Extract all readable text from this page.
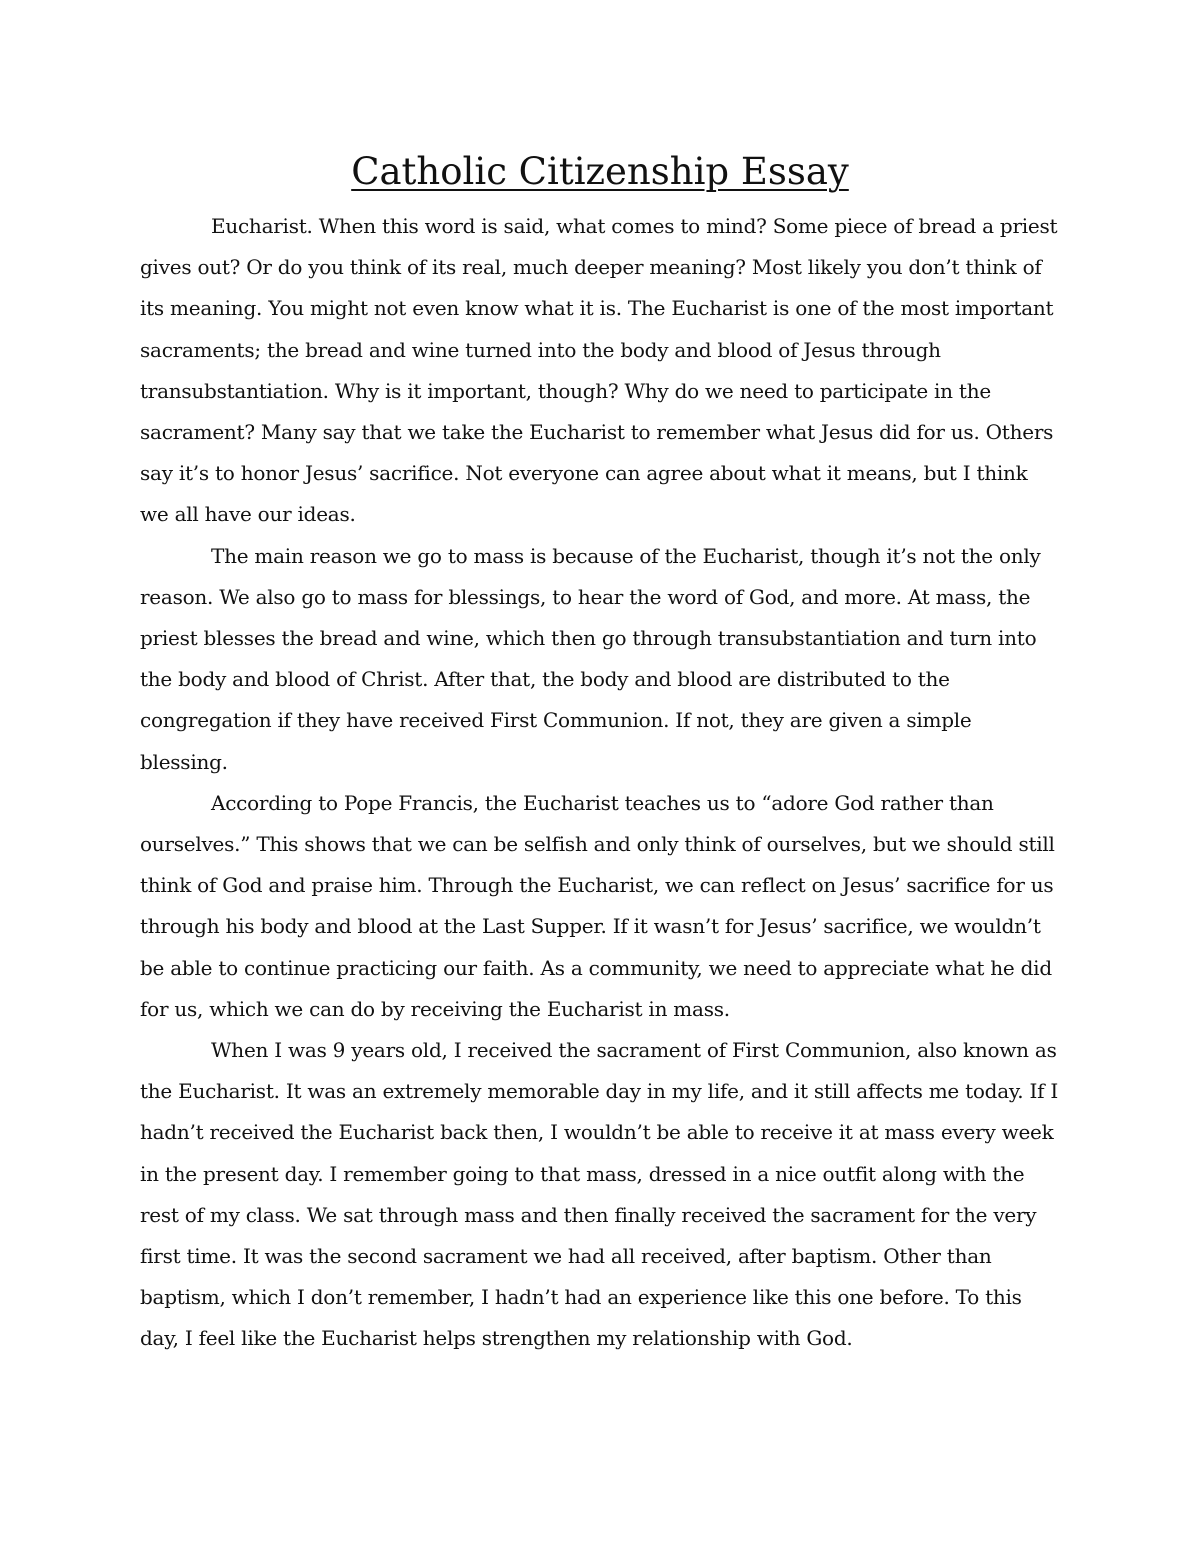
Catholic Citizenship Essay

Eucharist. When this word is said, what comes to mind? Some piece of bread a priest gives out? Or do you think of its real, much deeper meaning? Most likely you don’t think of its meaning. You might not even know what it is. The Eucharist is one of the most important sacraments; the bread and wine turned into the body and blood of Jesus through transubstantiation. Why is it important, though? Why do we need to participate in the sacrament? Many say that we take the Eucharist to remember what Jesus did for us. Others say it’s to honor Jesus’ sacrifice. Not everyone can agree about what it means, but I think we all have our ideas.

The main reason we go to mass is because of the Eucharist, though it’s not the only reason. We also go to mass for blessings, to hear the word of God, and more. At mass, the priest blesses the bread and wine, which then go through transubstantiation and turn into the body and blood of Christ. After that, the body and blood are distributed to the congregation if they have received First Communion. If not, they are given a simple blessing.

According to Pope Francis, the Eucharist teaches us to “adore God rather than ourselves.” This shows that we can be selfish and only think of ourselves, but we should still think of God and praise him. Through the Eucharist, we can reflect on Jesus’ sacrifice for us through his body and blood at the Last Supper. If it wasn’t for Jesus’ sacrifice, we wouldn’t be able to continue practicing our faith. As a community, we need to appreciate what he did for us, which we can do by receiving the Eucharist in mass.

When I was 9 years old, I received the sacrament of First Communion, also known as the Eucharist. It was an extremely memorable day in my life, and it still affects me today. If I hadn’t received the Eucharist back then, I wouldn’t be able to receive it at mass every week in the present day. I remember going to that mass, dressed in a nice outfit along with the rest of my class. We sat through mass and then finally received the sacrament for the very first time. It was the second sacrament we had all received, after baptism. Other than baptism, which I don’t remember, I hadn’t had an experience like this one before. To this day, I feel like the Eucharist helps strengthen my relationship with God.
